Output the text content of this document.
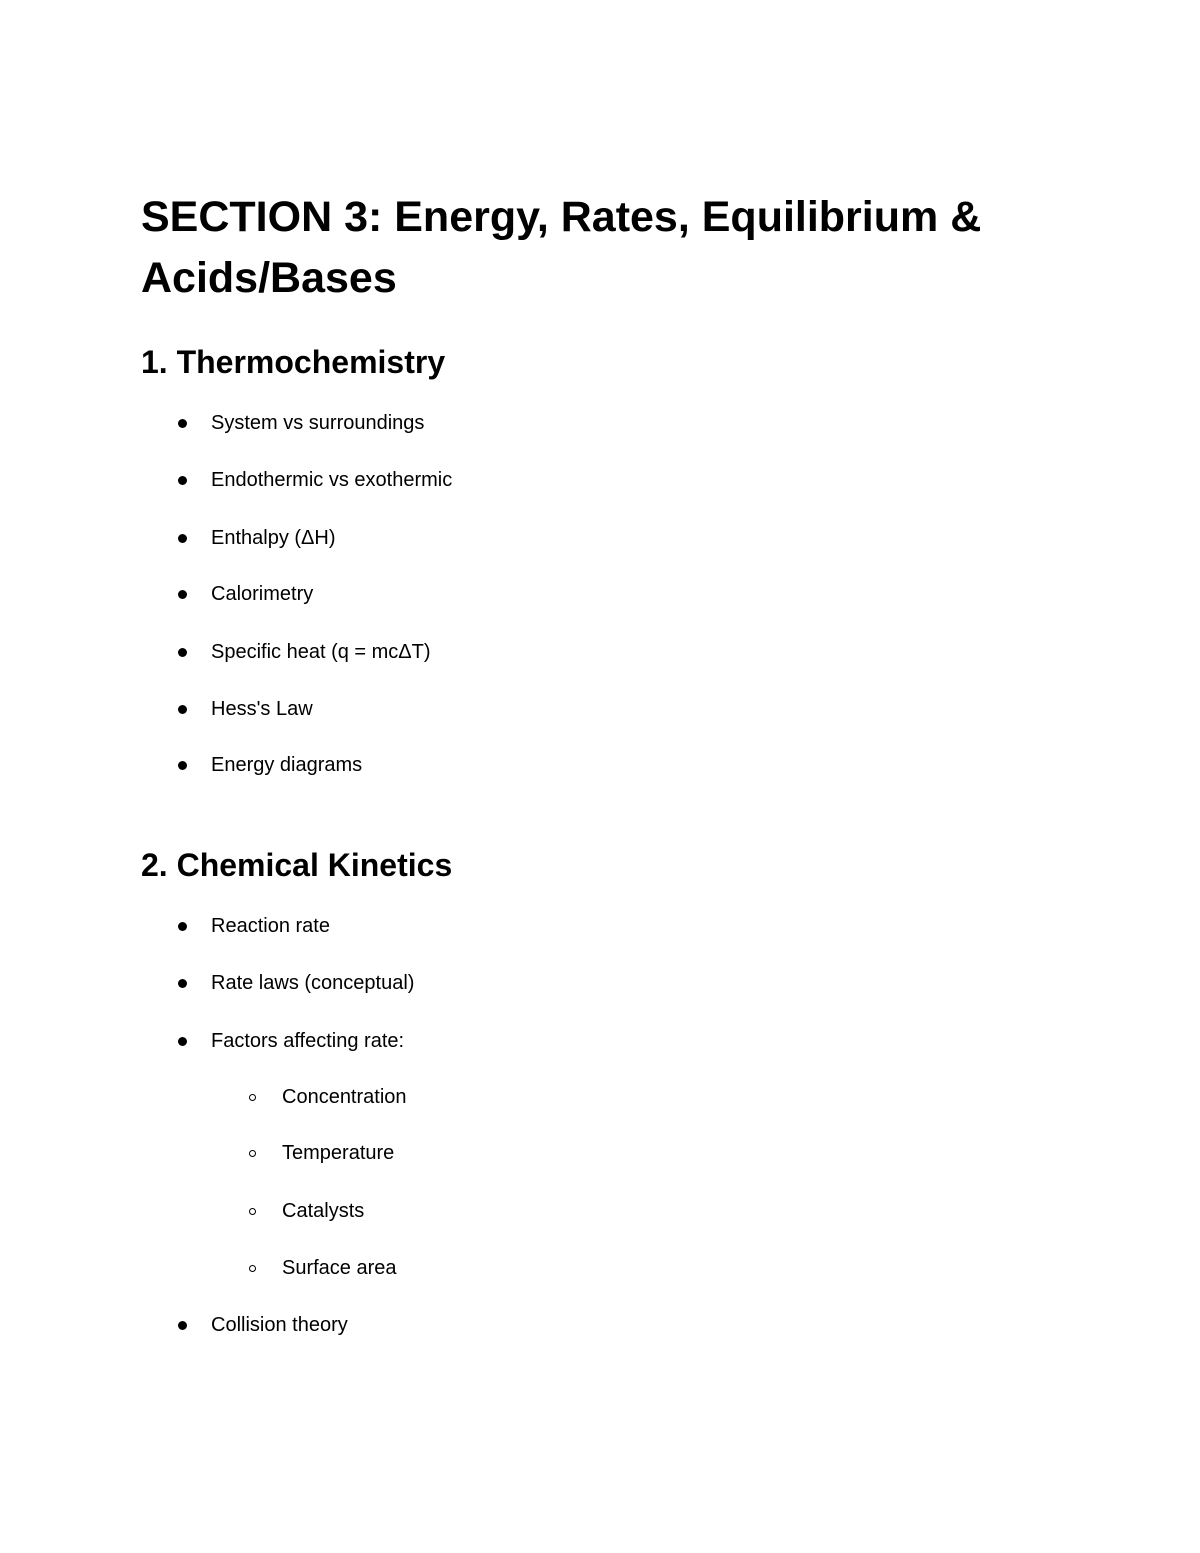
SECTION 3: Energy, Rates, Equilibrium & Acids/Bases
1. Thermochemistry
System vs surroundings
Endothermic vs exothermic
Enthalpy (ΔH)
Calorimetry
Specific heat (q = mcΔT)
Hess's Law
Energy diagrams
2. Chemical Kinetics
Reaction rate
Rate laws (conceptual)
Factors affecting rate:
Concentration
Temperature
Catalysts
Surface area
Collision theory
